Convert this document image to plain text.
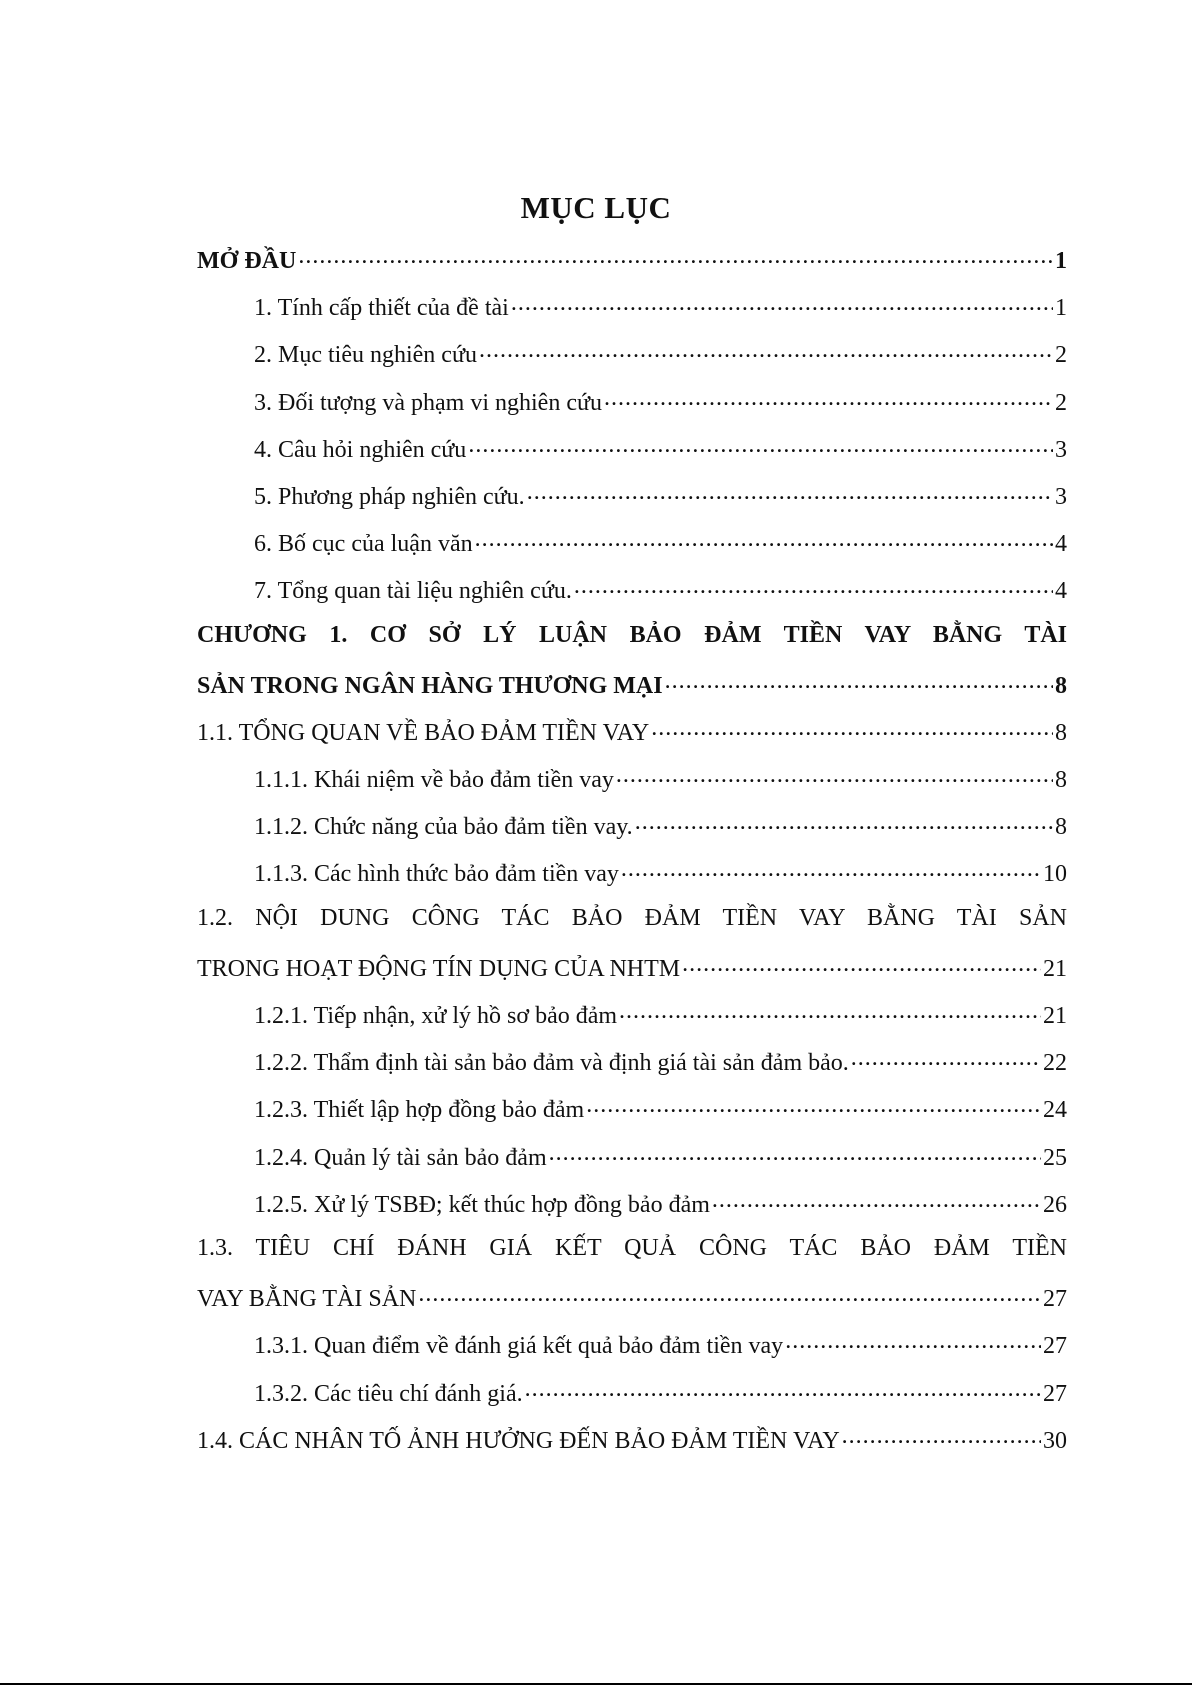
MỤC LỤC
MỞ ĐẦU .....	1
1. Tính cấp thiết của đề tài .....	1
2. Mục tiêu nghiên cứu .....	2
3. Đối tượng và phạm vi nghiên cứu .....	2
4. Câu hỏi nghiên cứu .....	3
5. Phương pháp nghiên cứu. .....	3
6. Bố cục của luận văn .....	4
7. Tổng quan tài liệu nghiên cứu. .....	4
CHƯƠNG 1. CƠ SỞ LÝ LUẬN BẢO ĐẢM TIỀN VAY BẰNG TÀI
SẢN TRONG NGÂN HÀNG THƯƠNG MẠI .....	8
1.1. TỔNG QUAN VỀ BẢO ĐẢM TIỀN VAY .....	8
1.1.1. Khái niệm về bảo đảm tiền vay .....	8
1.1.2. Chức năng của bảo đảm tiền vay. .....	8
1.1.3. Các hình thức bảo đảm tiền vay .....	10
1.2. NỘI DUNG CÔNG TÁC BẢO ĐẢM TIỀN VAY BẰNG TÀI SẢN
TRONG HOẠT ĐỘNG TÍN DỤNG CỦA NHTM .....	21
1.2.1. Tiếp nhận, xử lý hồ sơ bảo đảm .....	21
1.2.2. Thẩm định tài sản bảo đảm và định giá tài sản đảm bảo. .....	22
1.2.3. Thiết lập hợp đồng bảo đảm .....	24
1.2.4. Quản lý tài sản bảo đảm .....	25
1.2.5. Xử lý TSBĐ; kết thúc hợp đồng bảo đảm .....	26
1.3. TIÊU CHÍ ĐÁNH GIÁ KẾT QUẢ CÔNG TÁC BẢO ĐẢM TIỀN
VAY BẰNG TÀI SẢN .....	27
1.3.1. Quan điểm về đánh giá kết quả bảo đảm tiền vay .....	27
1.3.2. Các tiêu chí đánh giá. .....	27
1.4. CÁC NHÂN TỐ ẢNH HƯỞNG ĐẾN BẢO ĐẢM TIỀN VAY .....	30
